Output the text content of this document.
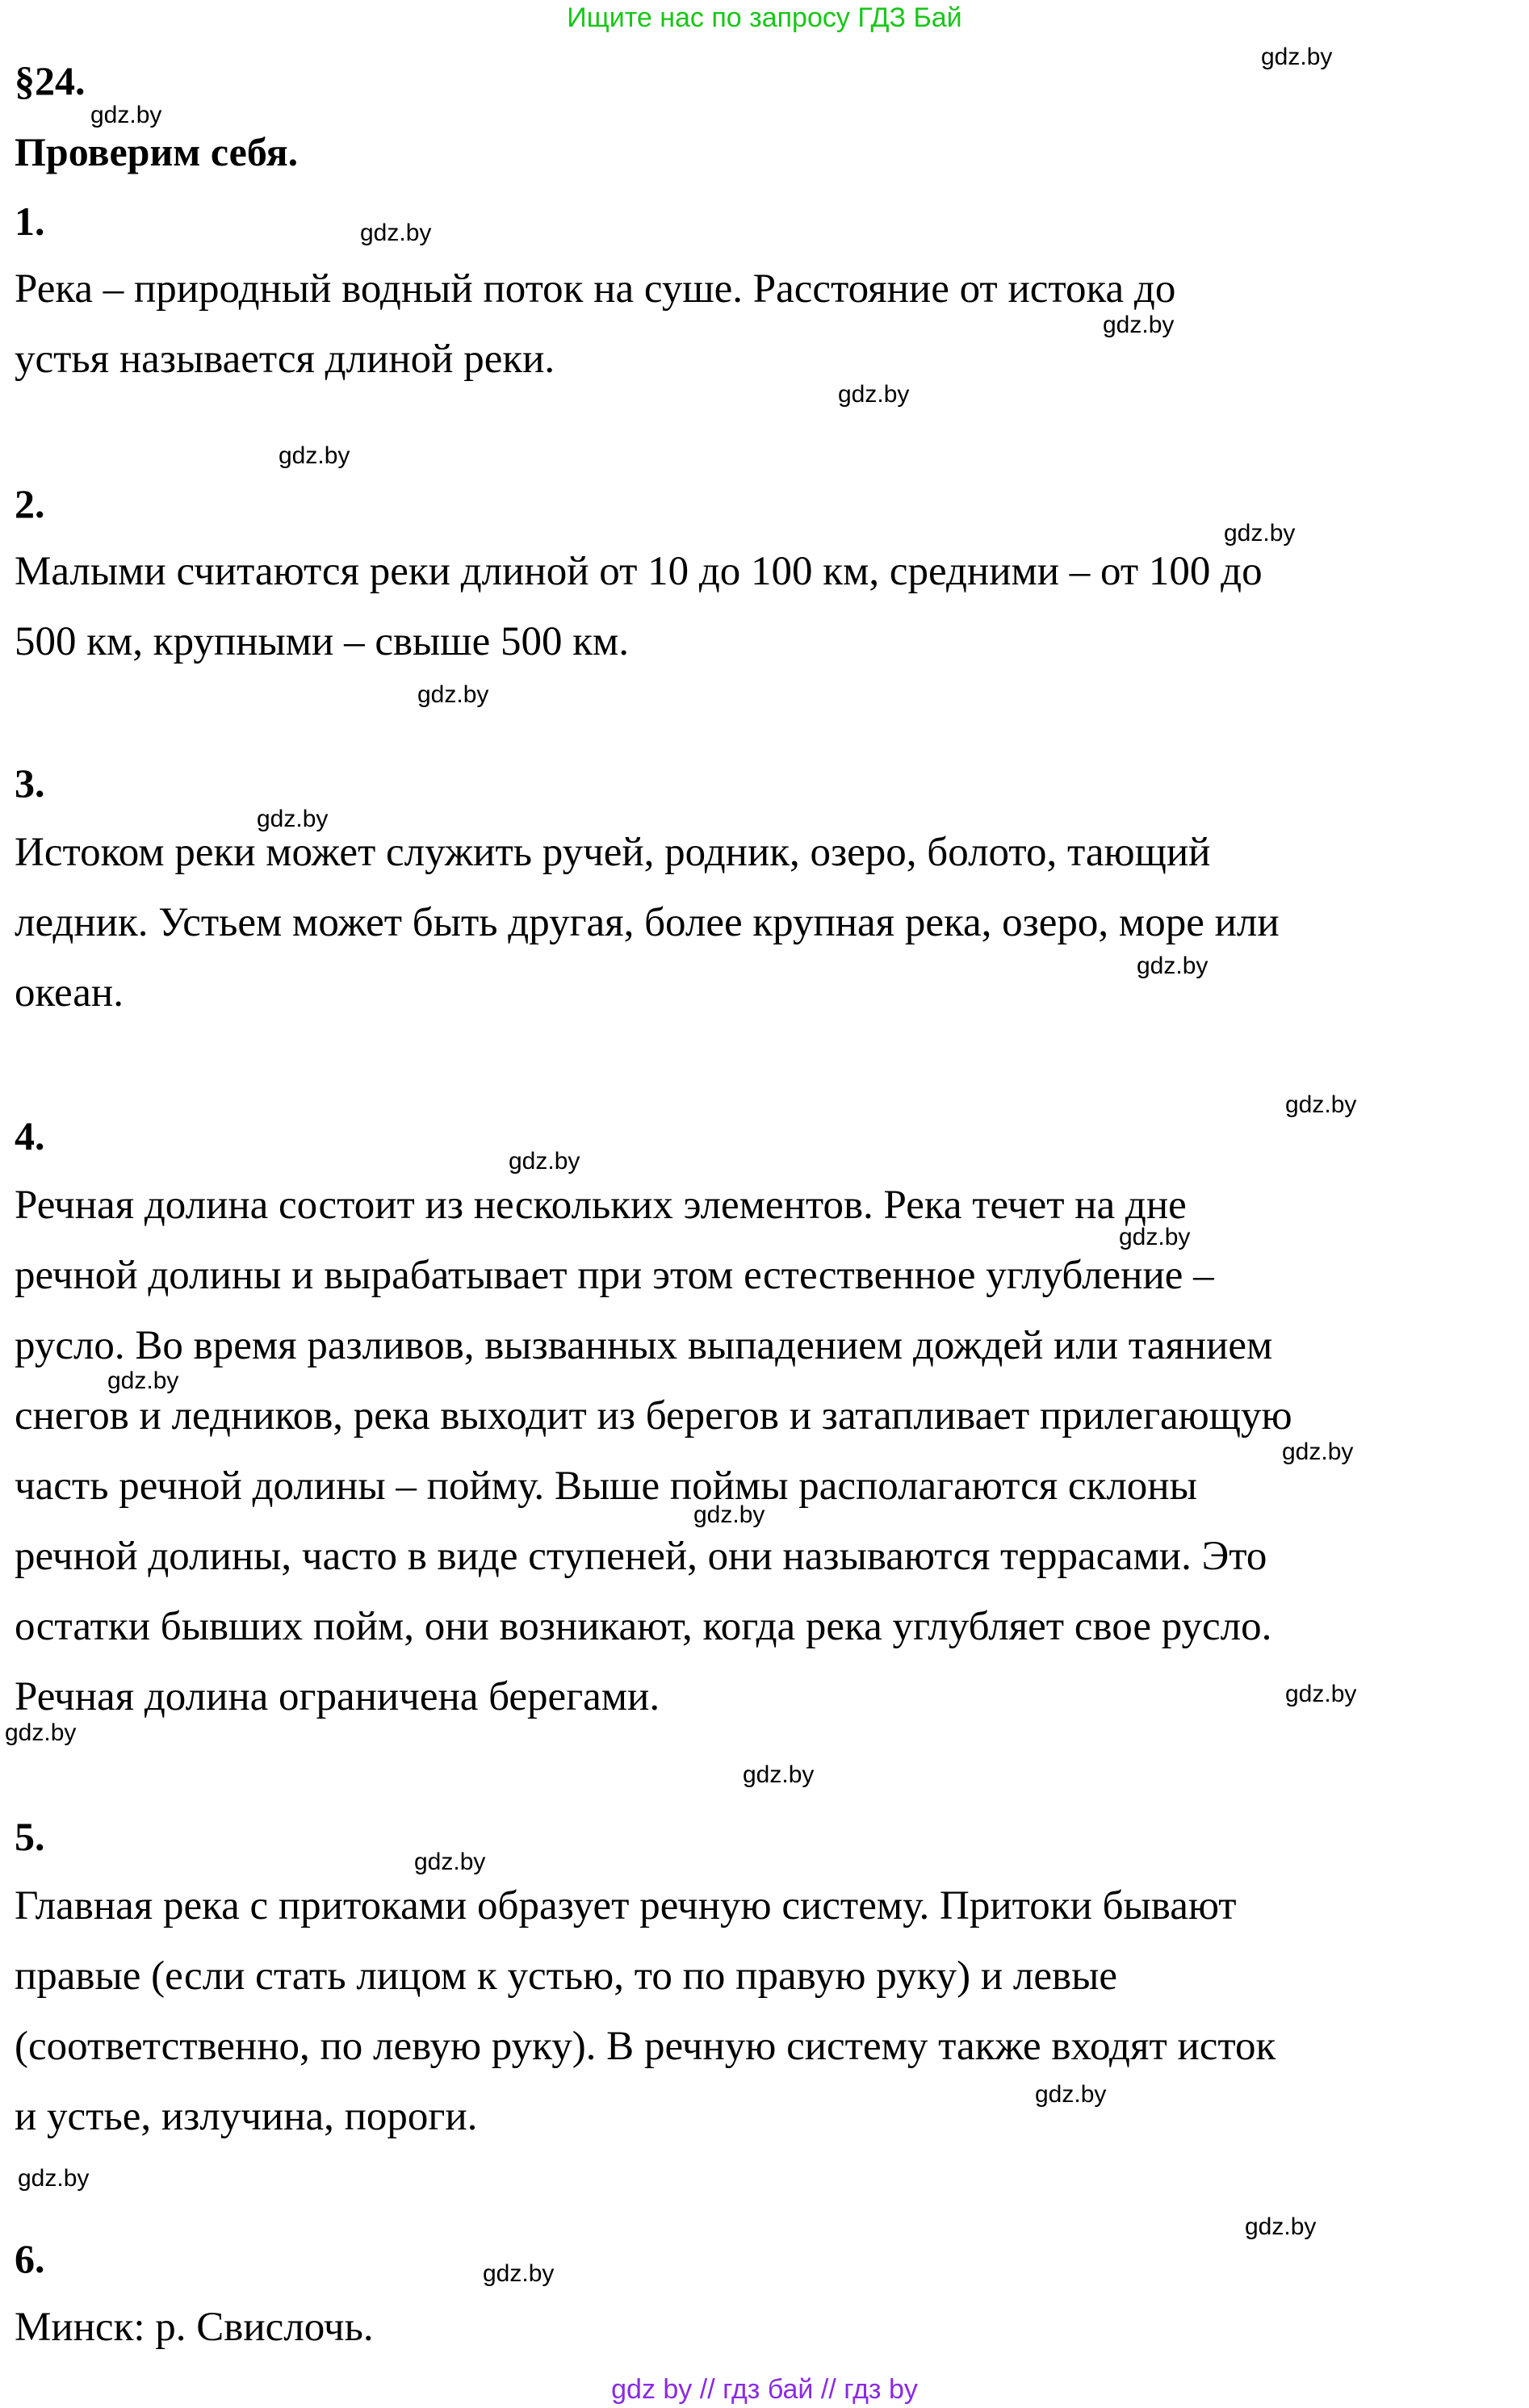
Ищите нас по запросу ГДЗ Бай
§24.
Проверим себя.
1.
Река – природный водный поток на суше. Расстояние от истока до
устья называется длиной реки.
2.
Малыми считаются реки длиной от 10 до 100 км, средними – от 100 до
500 км, крупными – свыше 500 км.
3.
Истоком реки может служить ручей, родник, озеро, болото, тающий
ледник. Устьем может быть другая, более крупная река, озеро, море или
океан.
4.
Речная долина состоит из нескольких элементов. Река течет на дне
речной долины и вырабатывает при этом естественное углубление –
русло. Во время разливов, вызванных выпадением дождей или таянием
снегов и ледников, река выходит из берегов и затапливает прилегающую
часть речной долины – пойму. Выше поймы располагаются склоны
речной долины, часто в виде ступеней, они называются террасами. Это
остатки бывших пойм, они возникают, когда река углубляет свое русло.
Речная долина ограничена берегами.
5.
Главная река с притоками образует речную систему. Притоки бывают
правые (если стать лицом к устью, то по правую руку) и левые
(соответственно, по левую руку). В речную систему также входят исток
и устье, излучина, пороги.
6.
Минск: р. Свислочь.
gdz.by
gdz.by
gdz.by
gdz.by
gdz.by
gdz.by
gdz.by
gdz.by
gdz.by
gdz.by
gdz.by
gdz.by
gdz.by
gdz.by
gdz.by
gdz.by
gdz.by
gdz.by
gdz.by
gdz.by
gdz.by
gdz.by
gdz.by
gdz.by
gdz by // гдз бай // гдз by
